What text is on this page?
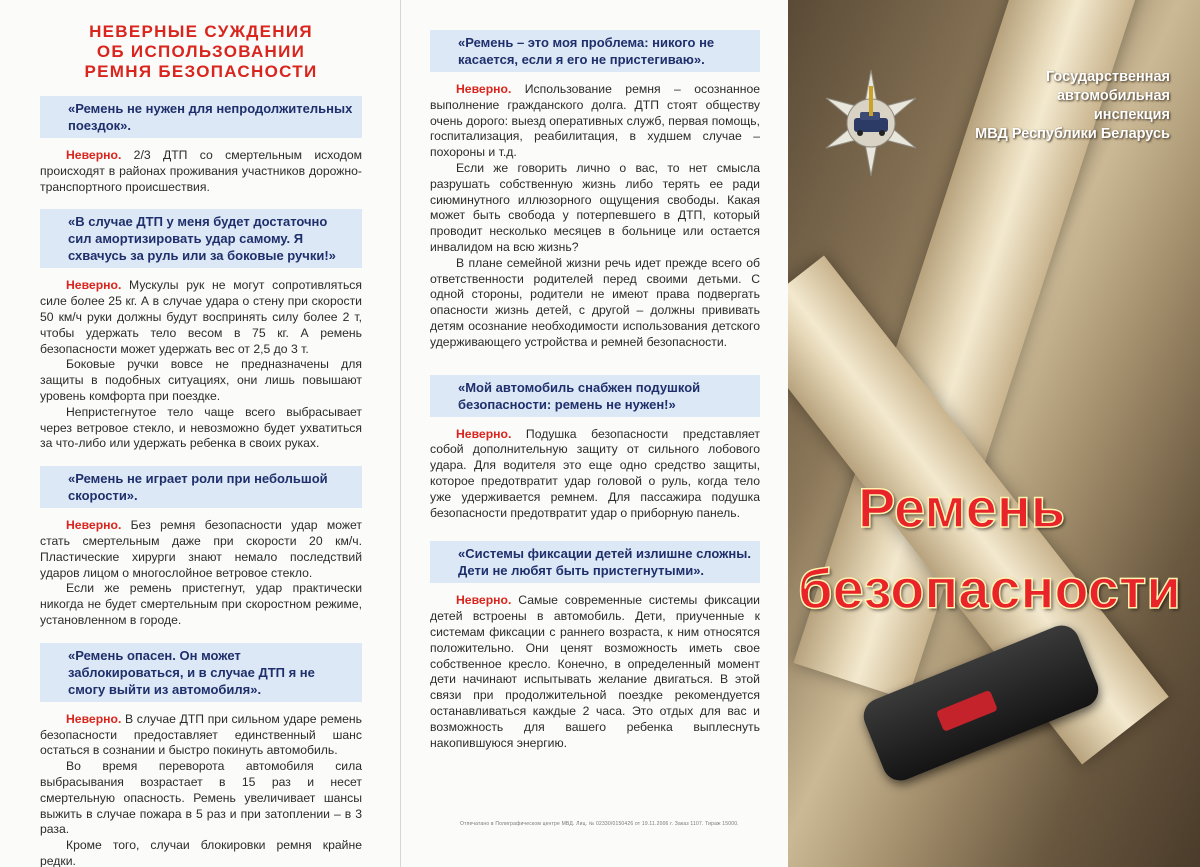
НЕВЕРНЫЕ СУЖДЕНИЯ
ОБ ИСПОЛЬЗОВАНИИ
РЕМНЯ БЕЗОПАСНОСТИ
«Ремень не нужен для непродолжительных поездок».

Неверно. 2/3 ДТП со смертельным исходом происходят в районах проживания участников дорожно-транспортного происшествия.

«В случае ДТП у меня будет достаточно сил амортизировать удар самому. Я схвачусь за руль или за боковые ручки!»

Неверно. Мускулы рук не могут сопротивляться силе более 25 кг. А в случае удара о стену при скорости 50 км/ч руки должны будут воспринять силу более 2 т, чтобы удержать тело весом в 75 кг. А ремень безопасности может удержать вес от 2,5 до 3 т.

Боковые ручки вовсе не предназначены для защиты в подобных ситуациях, они лишь повышают уровень комфорта при поездке.

Непристегнутое тело чаще всего выбрасывает через ветровое стекло, и невозможно будет ухватиться за что-либо или удержать ребенка в своих руках.

«Ремень не играет роли при небольшой скорости».

Неверно. Без ремня безопасности удар может стать смертельным даже при скорости 20 км/ч. Пластические хирурги знают немало последствий ударов лицом о многослойное ветровое стекло.

Если же ремень пристегнут, удар практически никогда не будет смертельным при скоростном режиме, установленном в городе.

«Ремень опасен. Он может заблокироваться, и в случае ДТП я не смогу выйти из автомобиля».

Неверно. В случае ДТП при сильном ударе ремень безопасности предоставляет единственный шанс остаться в сознании и быстро покинуть автомобиль.

Во время переворота автомобиля сила выбрасывания возрастает в 15 раз и несет смертельную опасность. Ремень увеличивает шансы выжить в случае пожара в 5 раз и при затоплении – в 3 раза.

Кроме того, случаи блокировки ремня крайне редки.

«Ремень – это моя проблема: никого не касается, если я его не пристегиваю».

Неверно. Использование ремня – осознанное выполнение гражданского долга. ДТП стоят обществу очень дорого: выезд оперативных служб, первая помощь, госпитализация, реабилитация, в худшем случае – похороны и т.д.

Если же говорить лично о вас, то нет смысла разрушать собственную жизнь либо терять ее ради сиюминутного иллюзорного ощущения свободы. Какая может быть свобода у потерпевшего в ДТП, который проводит несколько месяцев в больнице или остается инвалидом на всю жизнь?

В плане семейной жизни речь идет прежде всего об ответственности родителей перед своими детьми. С одной стороны, родители не имеют права подвергать опасности жизнь детей, с другой – должны прививать детям осознание необходимости использования детского удерживающего устройства и ремней безопасности.

«Мой автомобиль снабжен подушкой безопасности: ремень не нужен!»

Неверно. Подушка безопасности представляет собой дополнительную защиту от сильного лобового удара. Для водителя это еще одно средство защиты, которое предотвратит удар головой о руль, когда тело уже удерживается ремнем. Для пассажира подушка безопасности предотвратит удар о приборную панель.

«Системы фиксации детей излишне сложны. Дети не любят быть пристегнутыми».

Неверно. Самые современные системы фиксации детей встроены в автомобиль. Дети, приученные к системам фиксации с раннего возраста, к ним относятся положительно. Они ценят возможность иметь свое собственное кресло. Конечно, в определенный момент дети начинают испытывать желание двигаться. В этой связи при продолжительной поездке рекомендуется останавливаться каждые 2 часа. Это отдых для вас и возможность для вашего ребенка выплеснуть накопившуюся энергию.

Отпечатано в Полиграфическом центре МВД. Лиц. № 02330/0150426 от 19.11.2006 г. Заказ 1107. Тираж 15000.
Государственная
автомобильная
инспекция
МВД Республики Беларусь
Ремень
безопасности
